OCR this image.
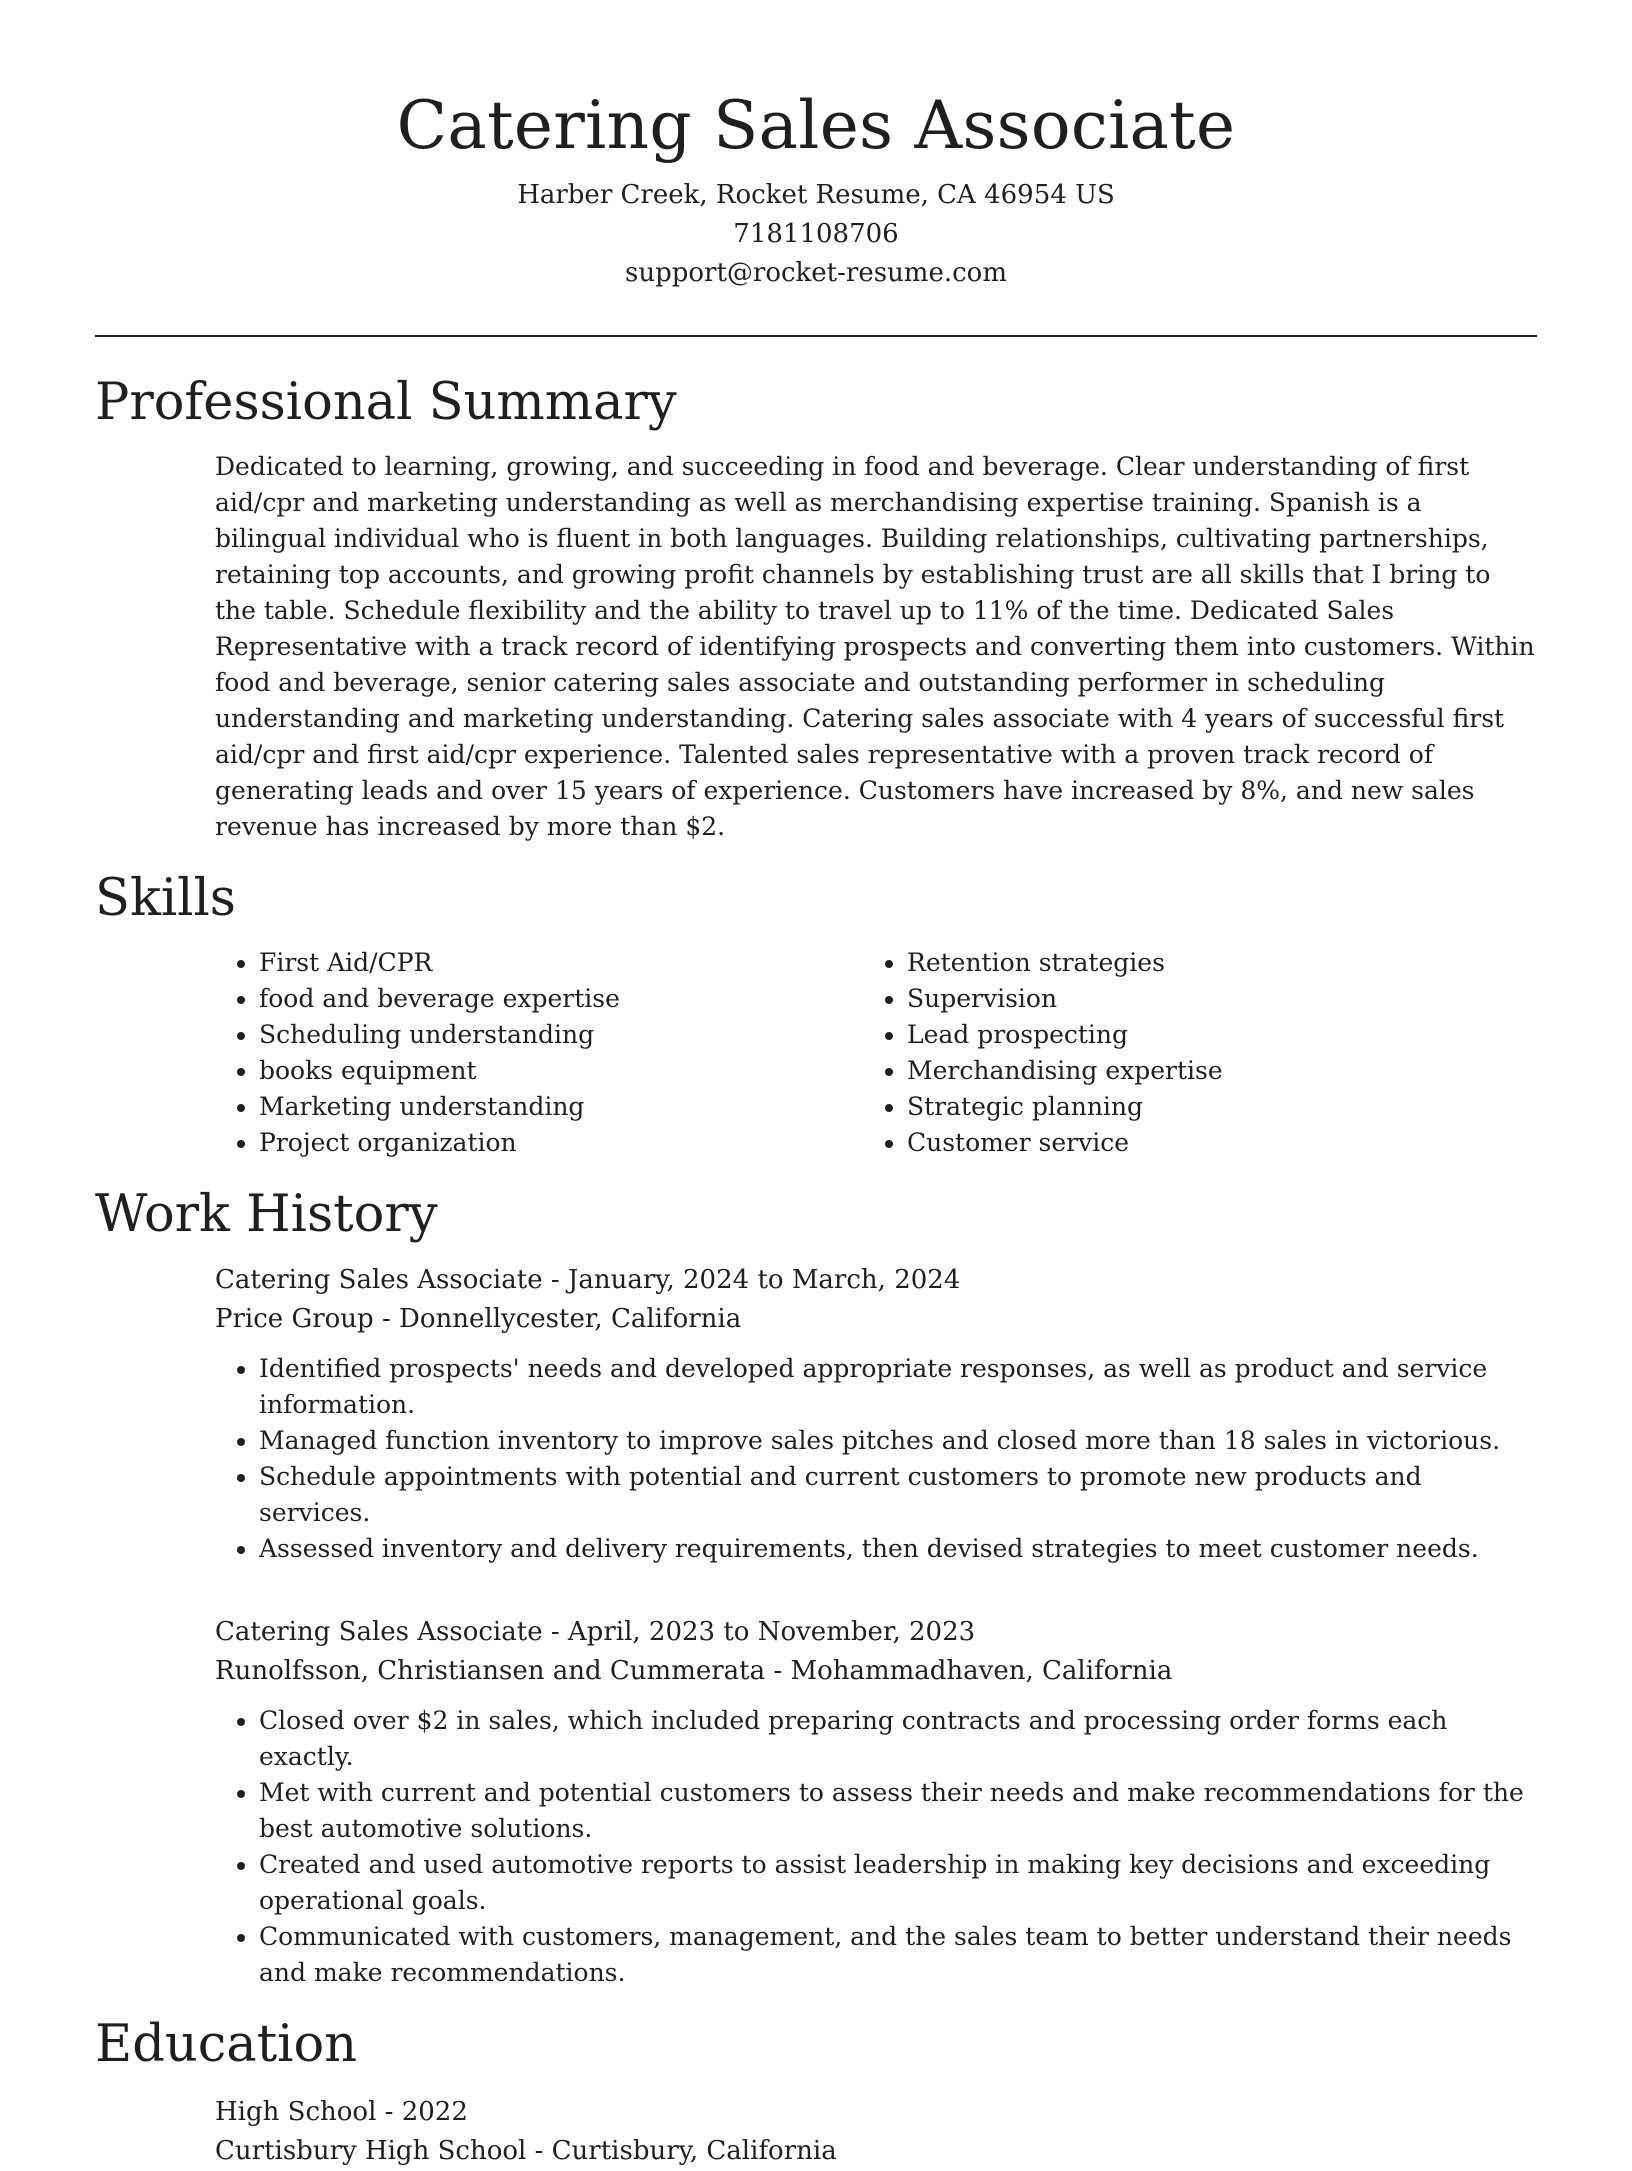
Catering Sales Associate
Harber Creek, Rocket Resume, CA 46954 US
7181108706
support@rocket-resume.com
Professional Summary

Dedicated to learning, growing, and succeeding in food and beverage. Clear understanding of first aid/cpr and marketing understanding as well as merchandising expertise training. Spanish is a bilingual individual who is fluent in both languages. Building relationships, cultivating partnerships, retaining top accounts, and growing profit channels by establishing trust are all skills that I bring to the table. Schedule flexibility and the ability to travel up to 11% of the time. Dedicated Sales Representative with a track record of identifying prospects and converting them into customers. Within food and beverage, senior catering sales associate and outstanding performer in scheduling understanding and marketing understanding. Catering sales associate with 4 years of successful first aid/cpr and first aid/cpr experience. Talented sales representative with a proven track record of generating leads and over 15 years of experience. Customers have increased by 8%, and new sales revenue has increased by more than $2.

Skills
• First Aid/CPR
• food and beverage expertise
• Scheduling understanding
• books equipment
• Marketing understanding
• Project organization
• Retention strategies
• Supervision
• Lead prospecting
• Merchandising expertise
• Strategic planning
• Customer service
Work History
Catering Sales Associate - January, 2024 to March, 2024
Price Group - Donnellycester, California
• Identified prospects' needs and developed appropriate responses, as well as product and service information.
• Managed function inventory to improve sales pitches and closed more than 18 sales in victorious.
• Schedule appointments with potential and current customers to promote new products and services.
• Assessed inventory and delivery requirements, then devised strategies to meet customer needs.
Catering Sales Associate - April, 2023 to November, 2023
Runolfsson, Christiansen and Cummerata - Mohammadhaven, California
• Closed over $2 in sales, which included preparing contracts and processing order forms each exactly.
• Met with current and potential customers to assess their needs and make recommendations for the best automotive solutions.
• Created and used automotive reports to assist leadership in making key decisions and exceeding operational goals.
• Communicated with customers, management, and the sales team to better understand their needs and make recommendations.
Education
High School - 2022
Curtisbury High School - Curtisbury, California
